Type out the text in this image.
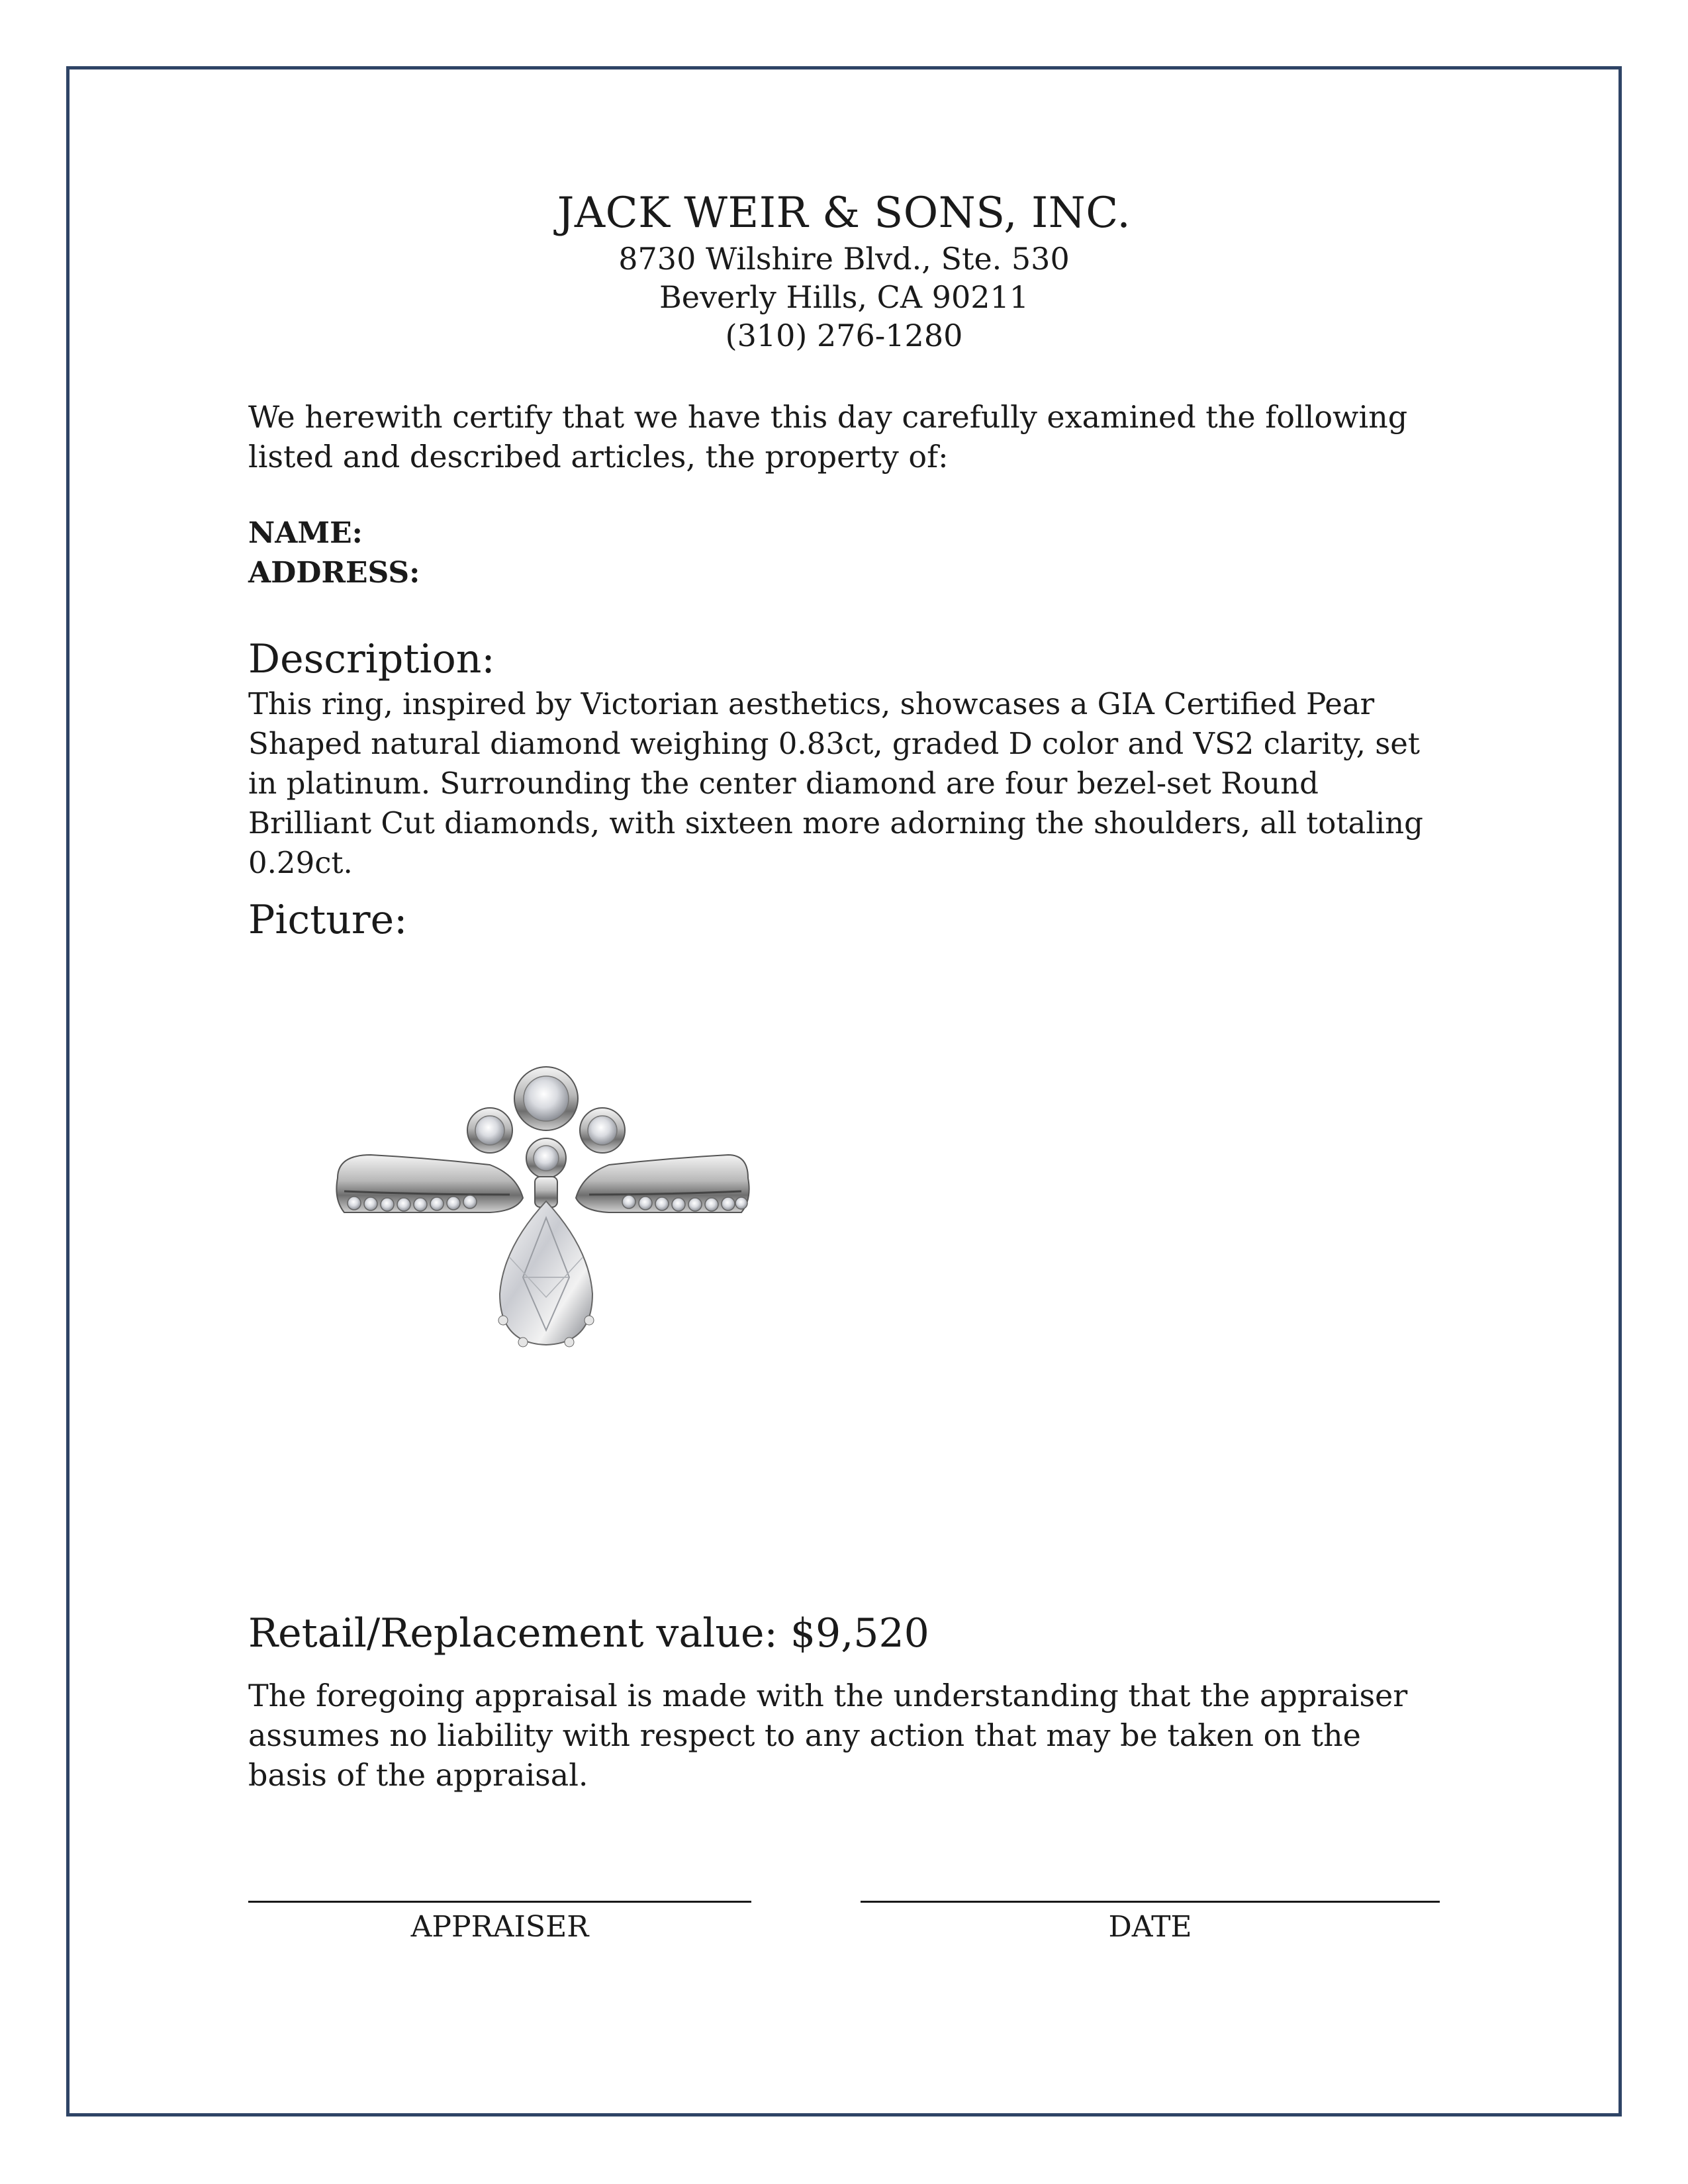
JACK WEIR & SONS, INC.
8730 Wilshire Blvd., Ste. 530
Beverly Hills, CA 90211
(310) 276-1280
We herewith certify that we have this day carefully examined the following listed and described articles, the property of:
NAME:
ADDRESS:
Description:
This ring, inspired by Victorian aesthetics, showcases a GIA Certified Pear Shaped natural diamond weighing 0.83ct, graded D color and VS2 clarity, set in platinum. Surrounding the center diamond are four bezel-set Round Brilliant Cut diamonds, with sixteen more adorning the shoulders, all totaling 0.29ct.
Picture:
Retail/Replacement value: $9,520
The foregoing appraisal is made with the understanding that the appraiser assumes no liability with respect to any action that may be taken on the basis of the appraisal.
APPRAISER	DATE
